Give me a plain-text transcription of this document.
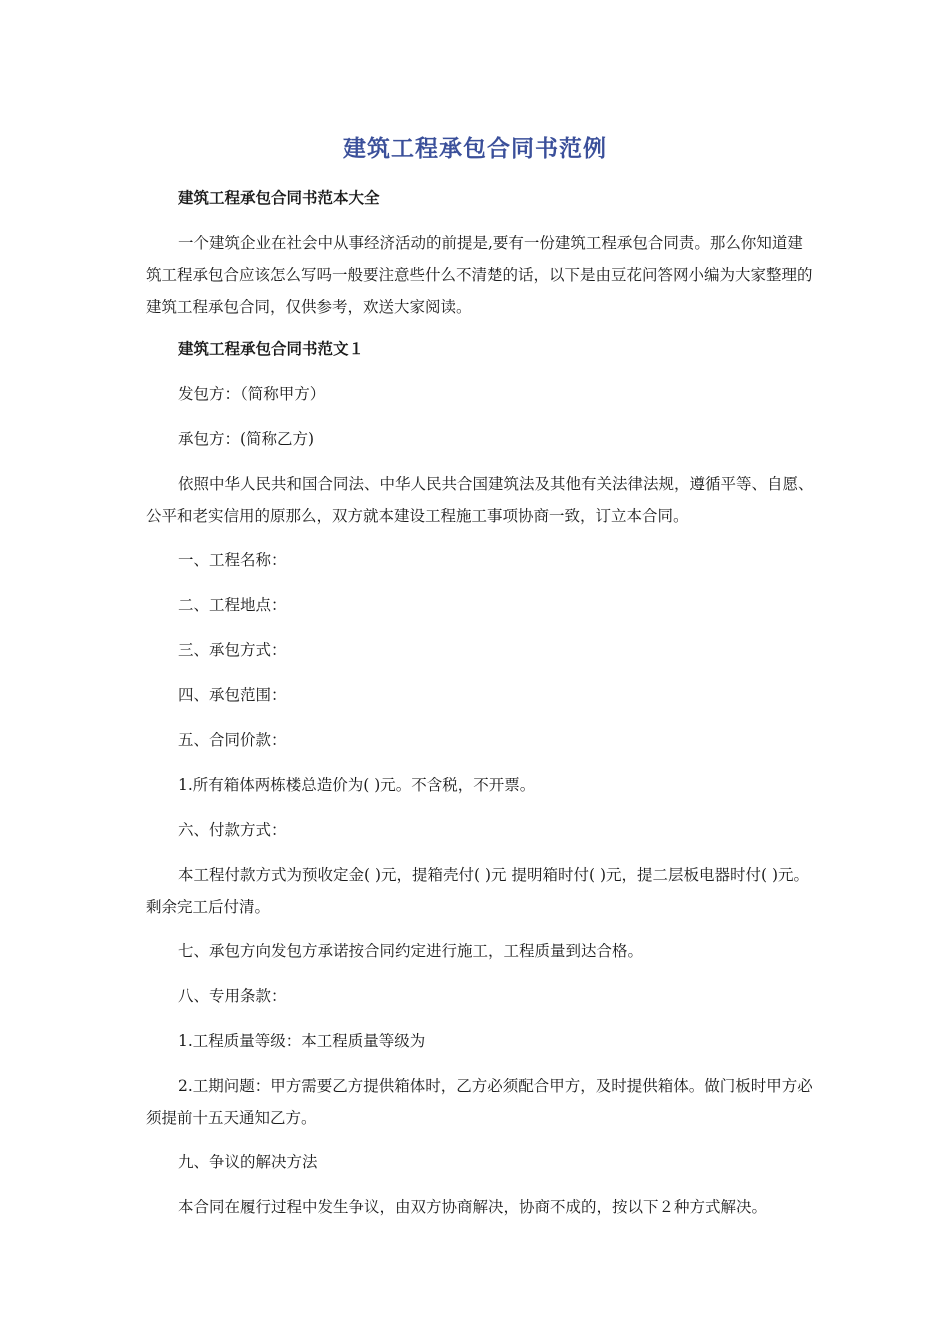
建筑工程承包合同书范例

建筑工程承包合同书范本大全

一个建筑企业在社会中从事经济活动的前提是,要有一份建筑工程承包合同责。那么你知道建筑工程承包合应该怎么写吗一般要注意些什么不清楚的话，以下是由豆花问答网小编为大家整理的建筑工程承包合同，仅供参考，欢送大家阅读。

建筑工程承包合同书范文１

发包方：（简称甲方）

承包方：(简称乙方)

依照中华人民共和国合同法、中华人民共合国建筑法及其他有关法律法规，遵循平等、自愿、公平和老实信用的原那么，双方就本建设工程施工事项协商一致，订立本合同。

一、工程名称：

二、工程地点：

三、承包方式：

四、承包范围：

五、合同价款：

1.所有箱体两栋楼总造价为( )元。不含税，不开票。

六、付款方式：

本工程付款方式为预收定金( )元，提箱壳付( )元 提明箱时付( )元，提二层板电器时付( )元。剩余完工后付清。

七、承包方向发包方承诺按合同约定进行施工，工程质量到达合格。

八、专用条款：

1.工程质量等级：本工程质量等级为

2.工期问题：甲方需要乙方提供箱体时，乙方必须配合甲方，及时提供箱体。做门板时甲方必须提前十五天通知乙方。

九、争议的解决方法

本合同在履行过程中发生争议，由双方协商解决，协商不成的，按以下２种方式解决。
